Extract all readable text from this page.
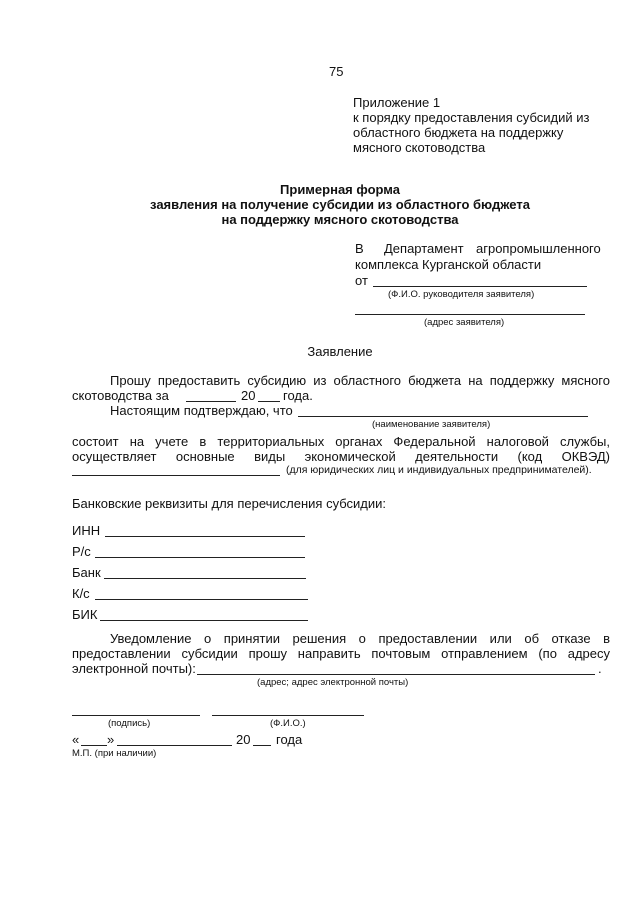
75
Приложение 1
к порядку предоставления субсидий из
областного бюджета на поддержку
мясного скотоводства
Примерная форма
заявления на получение субсидии из областного бюджета
на поддержку мясного скотоводства
В Департамент агропромышленного
комплекса Курганской области
от
(Ф.И.О. руководителя заявителя)
(адрес заявителя)
Заявление
Прошу предоставить субсидию из областного бюджета на поддержку мясного
скотоводства за	20 года.
Настоящим подтверждаю, что
(наименование заявителя)
состоит на учете в территориальных органах Федеральной налоговой службы,
осуществляет основные виды экономической деятельности (код ОКВЭД)
(для юридических лиц и индивидуальных предпринимателей).
Банковские реквизиты для перечисления субсидии:
ИНН
Р/с
Банк
К/с
БИК
Уведомление о принятии решения о предоставлении или об отказе в
предоставлении субсидии прошу направить почтовым отправлением (по адресу
электронной почты):	.
(адрес; адрес электронной почты)
(подпись)	(Ф.И.О.)
« »	20 года
М.П. (при наличии)
